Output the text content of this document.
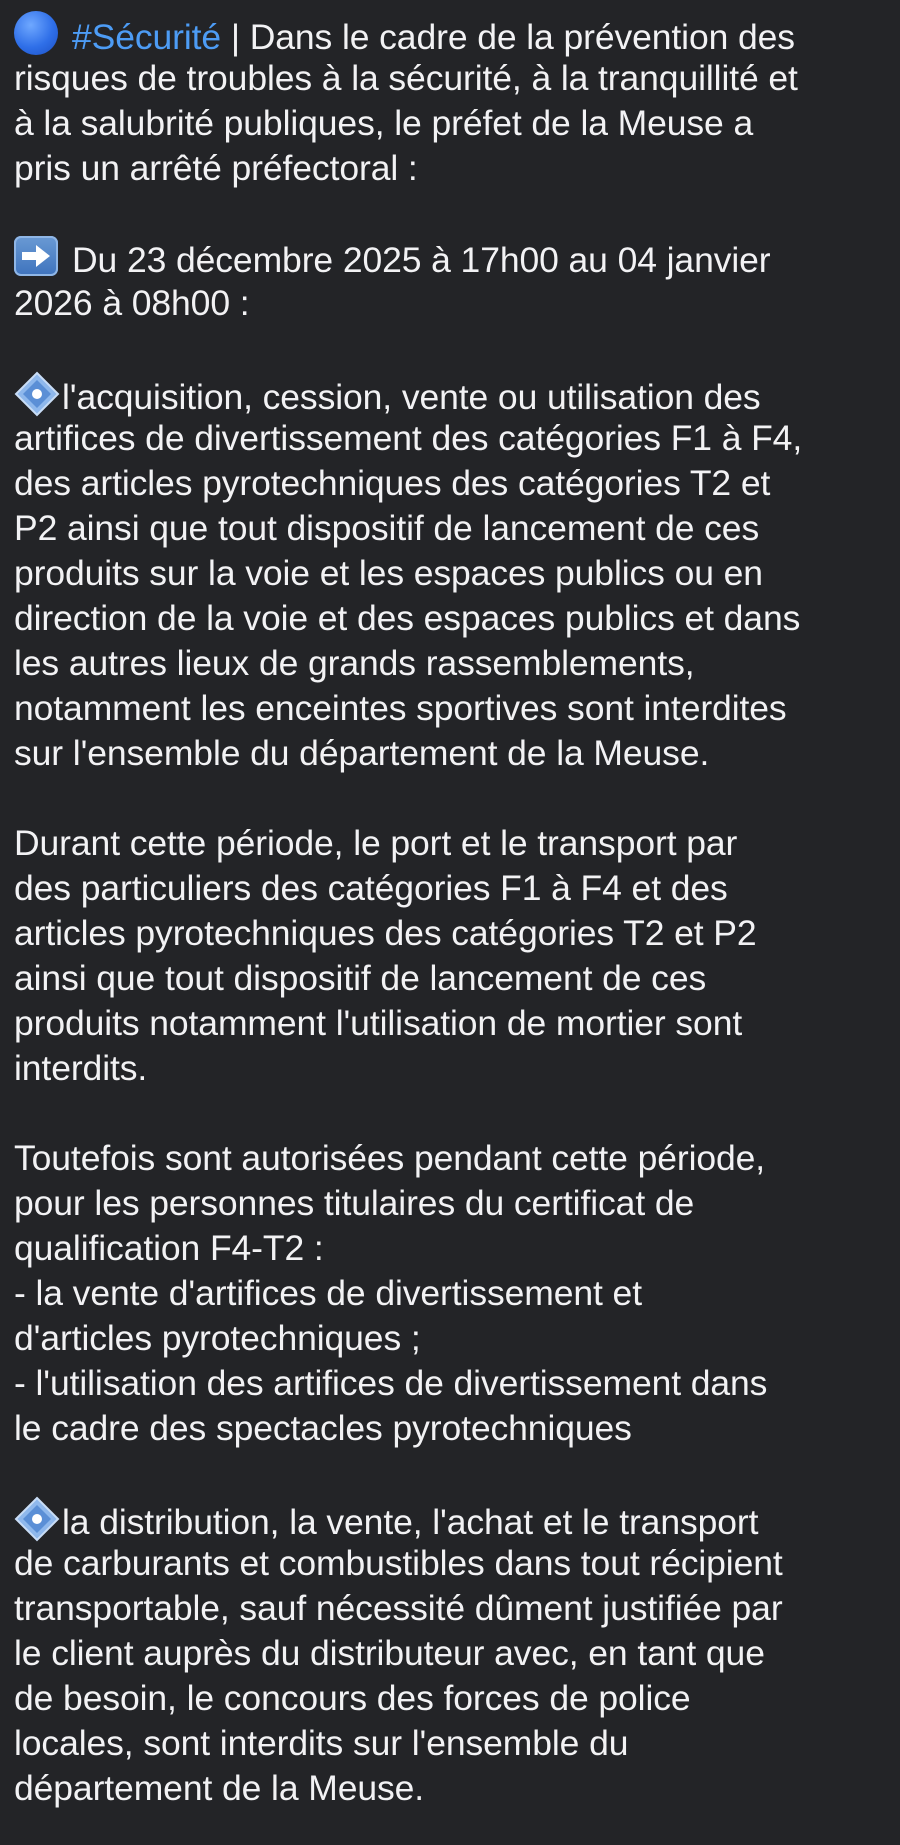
#Sécurité | Dans le cadre de la prévention des
risques de troubles à la sécurité, à la tranquillité et
à la salubrité publiques, le préfet de la Meuse a
pris un arrêté préfectoral :
Du 23 décembre 2025 à 17h00 au 04 janvier
2026 à 08h00 :
l'acquisition, cession, vente ou utilisation des
artifices de divertissement des catégories F1 à F4,
des articles pyrotechniques des catégories T2 et
P2 ainsi que tout dispositif de lancement de ces
produits sur la voie et les espaces publics ou en
direction de la voie et des espaces publics et dans
les autres lieux de grands rassemblements,
notamment les enceintes sportives sont interdites
sur l'ensemble du département de la Meuse.
Durant cette période, le port et le transport par
des particuliers des catégories F1 à F4 et des
articles pyrotechniques des catégories T2 et P2
ainsi que tout dispositif de lancement de ces
produits notamment l'utilisation de mortier sont
interdits.
Toutefois sont autorisées pendant cette période,
pour les personnes titulaires du certificat de
qualification F4-T2 :
- la vente d'artifices de divertissement et
d'articles pyrotechniques ;
- l'utilisation des artifices de divertissement dans
le cadre des spectacles pyrotechniques
la distribution, la vente, l'achat et le transport
de carburants et combustibles dans tout récipient
transportable, sauf nécessité dûment justifiée par
le client auprès du distributeur avec, en tant que
de besoin, le concours des forces de police
locales, sont interdits sur l'ensemble du
département de la Meuse.
